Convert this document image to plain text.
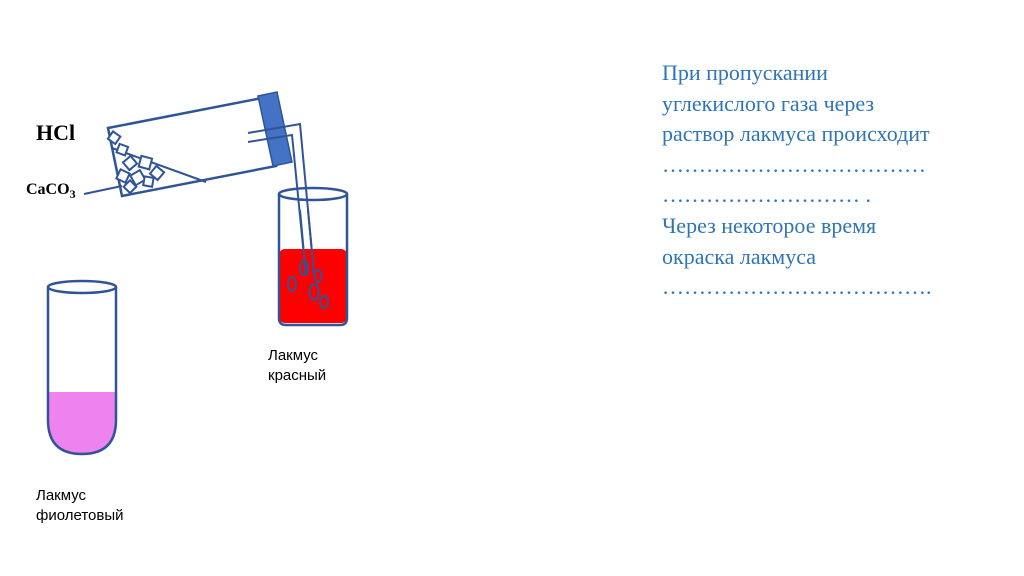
HCl
CaCO$_3$
Лакмус
красный
Лакмус
фиолетовый
При пропускании
углекислого газа через
раствор лакмуса происходит
………………………………
……………………… .
Через некоторое время
окраска лакмуса
……………………………….
